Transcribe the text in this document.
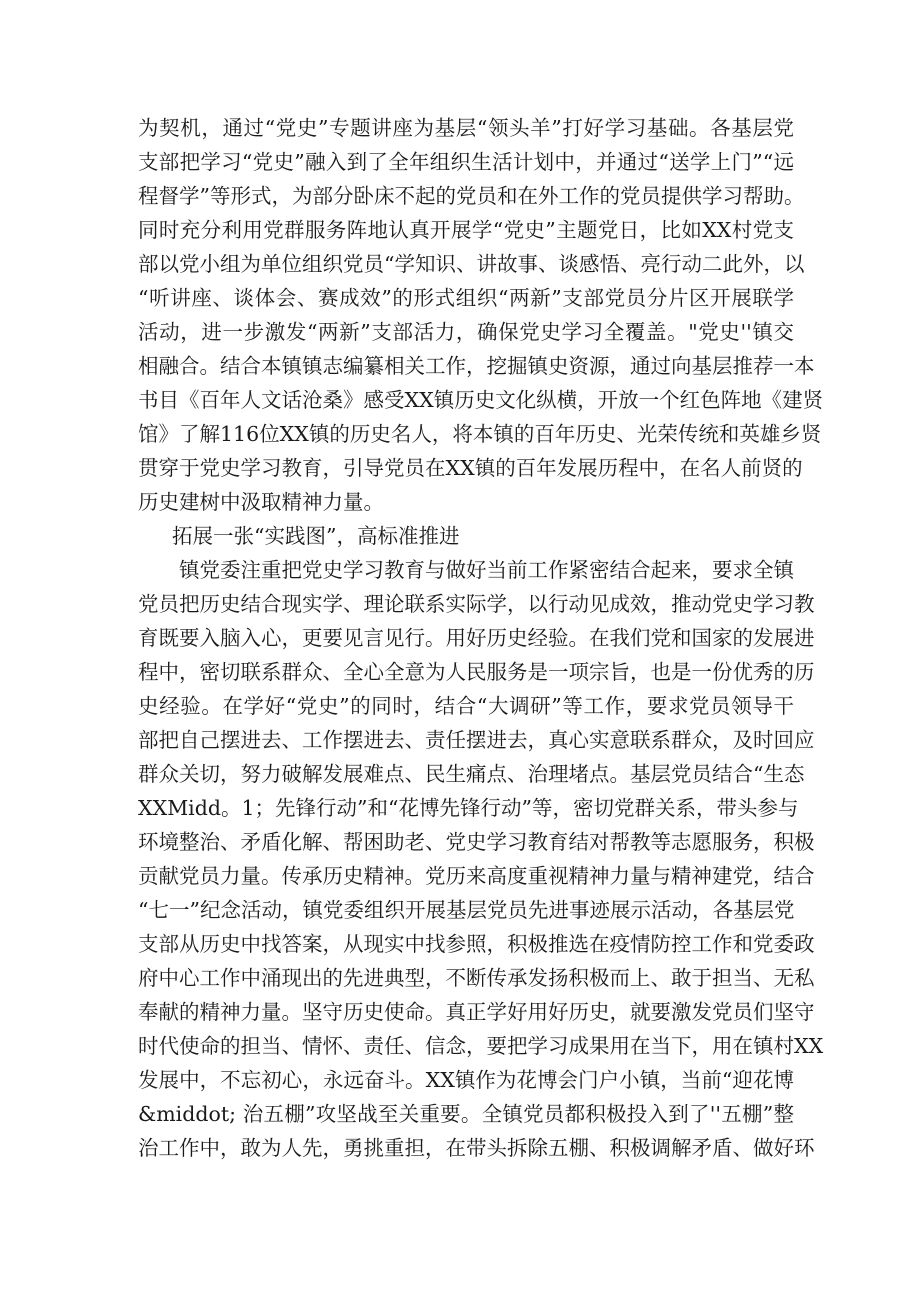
为契机，通过“党史”专题讲座为基层“领头羊”打好学习基础。各基层党
支部把学习“党史”融入到了全年组织生活计划中，并通过“送学上门”“远
程督学”等形式，为部分卧床不起的党员和在外工作的党员提供学习帮助。
同时充分利用党群服务阵地认真开展学“党史”主题党日，比如XX村党支
部以党小组为单位组织党员“学知识、讲故事、谈感悟、亮行动二此外，以
“听讲座、谈体会、赛成效”的形式组织“两新”支部党员分片区开展联学
活动，进一步激发“两新”支部活力，确保党史学习全覆盖。"党史''镇交
相融合。结合本镇镇志编纂相关工作，挖掘镇史资源，通过向基层推荐一本
书目《百年人文话沧桑》感受XX镇历史文化纵横，开放一个红色阵地《建贤
馆》了解116位XX镇的历史名人，将本镇的百年历史、光荣传统和英雄乡贤
贯穿于党史学习教育，引导党员在XX镇的百年发展历程中，在名人前贤的
历史建树中汲取精神力量。
拓展一张“实践图”，高标准推进
镇党委注重把党史学习教育与做好当前工作紧密结合起来，要求全镇
党员把历史结合现实学、理论联系实际学，以行动见成效，推动党史学习教
育既要入脑入心，更要见言见行。用好历史经验。在我们党和国家的发展进
程中，密切联系群众、全心全意为人民服务是一项宗旨，也是一份优秀的历
史经验。在学好“党史”的同时，结合“大调研”等工作，要求党员领导干
部把自己摆进去、工作摆进去、责任摆进去，真心实意联系群众，及时回应
群众关切，努力破解发展难点、民生痛点、治理堵点。基层党员结合“生态
XXMidd。1；先锋行动”和“花博先锋行动”等，密切党群关系，带头参与
环境整治、矛盾化解、帮困助老、党史学习教育结对帮教等志愿服务，积极
贡献党员力量。传承历史精神。党历来高度重视精神力量与精神建党，结合
“七一”纪念活动，镇党委组织开展基层党员先进事迹展示活动，各基层党
支部从历史中找答案，从现实中找参照，积极推选在疫情防控工作和党委政
府中心工作中涌现出的先进典型，不断传承发扬积极而上、敢于担当、无私
奉献的精神力量。坚守历史使命。真正学好用好历史，就要激发党员们坚守
时代使命的担当、情怀、责任、信念，要把学习成果用在当下，用在镇村XX
发展中，不忘初心，永远奋斗。XX镇作为花博会门户小镇，当前“迎花博
&middot; 治五棚”攻坚战至关重要。全镇党员都积极投入到了''五棚”整
治工作中，敢为人先，勇挑重担，在带头拆除五棚、积极调解矛盾、做好环
